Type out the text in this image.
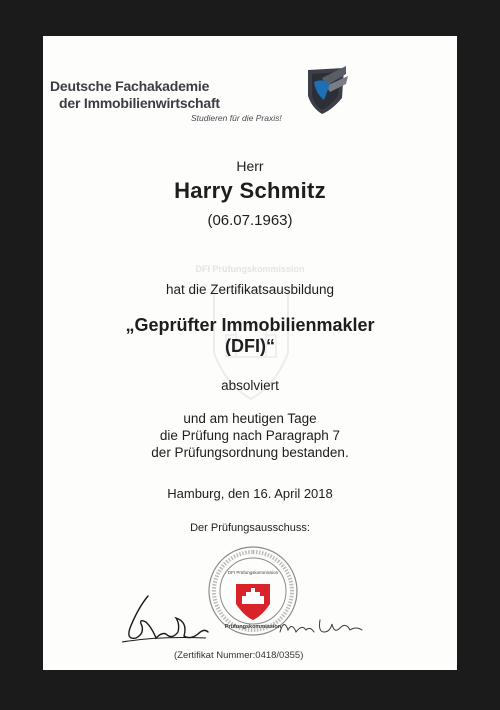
Deutsche Fachakademie
der Immobilienwirtschaft
Studieren für die Praxis!
Herr
Harry Schmitz
(06.07.1963)
DFI Prüfungskommission
hat die Zertifikatsausbildung
„Geprüfter Immobilienmakler
(DFI)“
absolviert
und am heutigen Tage
die Prüfung nach Paragraph 7
der Prüfungsordnung bestanden.
Hamburg, den 16. April 2018
Der Prüfungsausschuss:
DFI Prüfungskommission
Prüfungskommission
(Zertifikat Nummer:0418/0355)
